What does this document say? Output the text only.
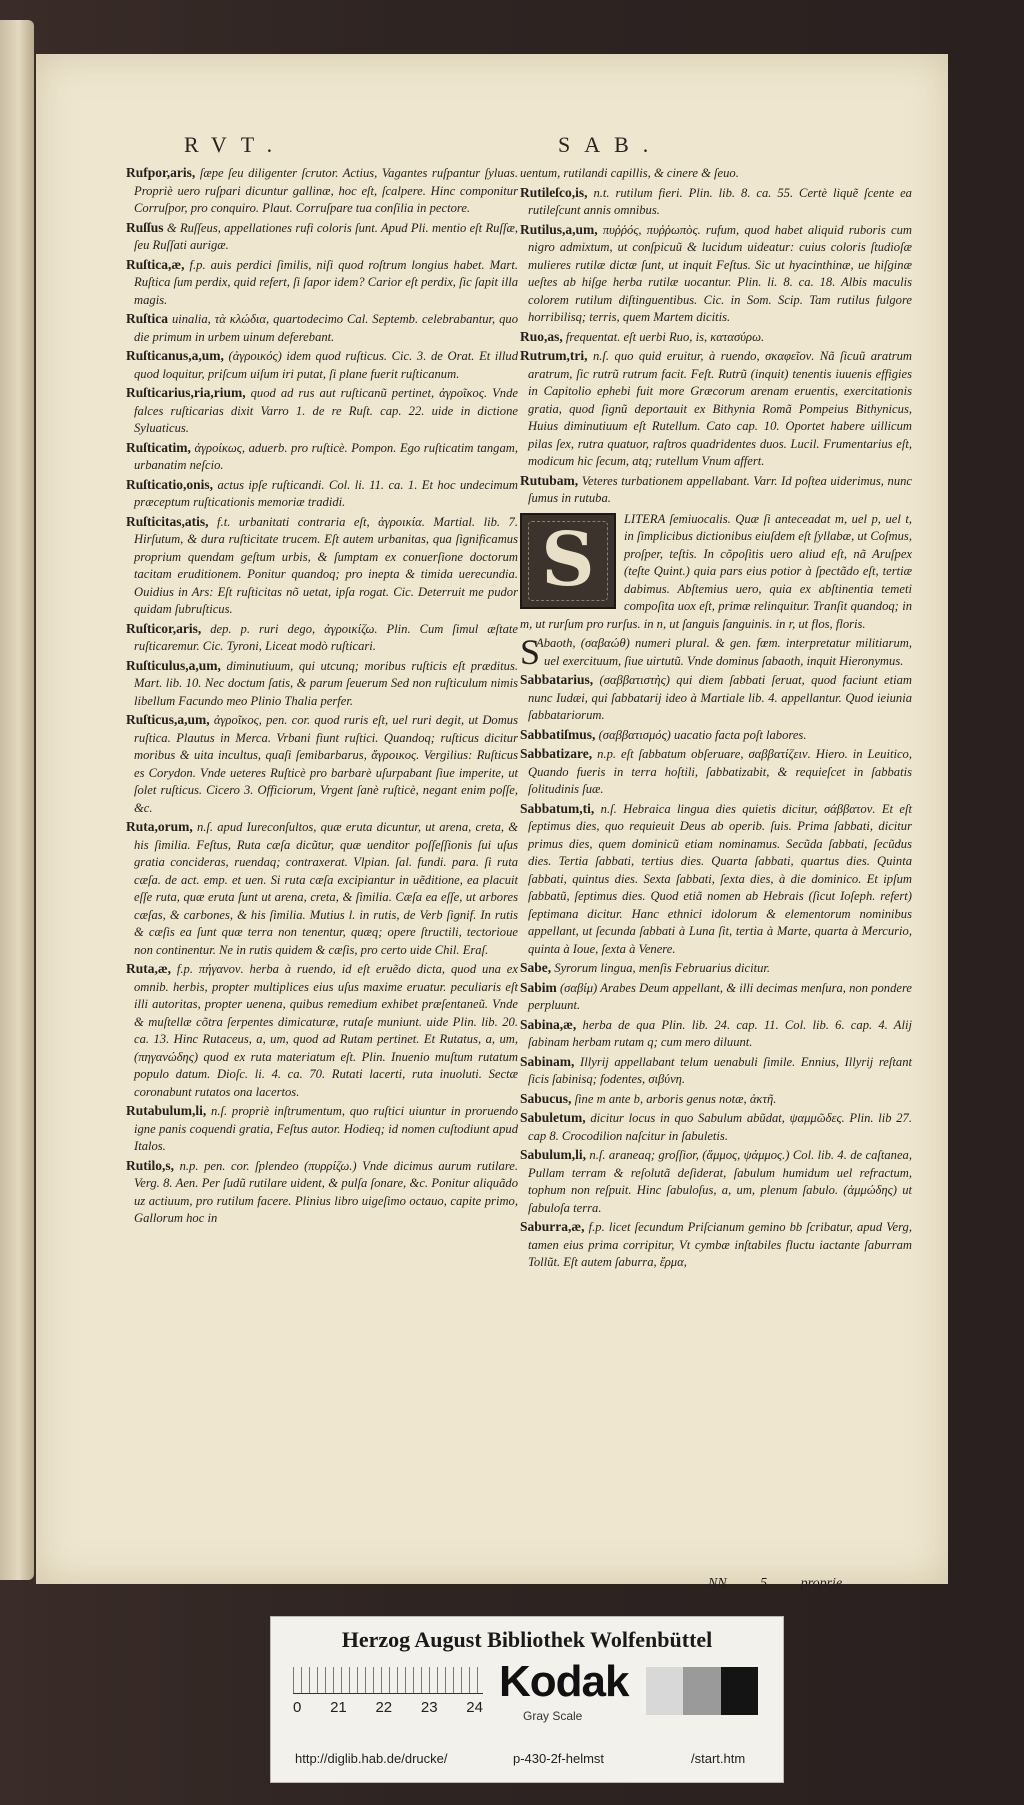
RVT.	SAB.
Rufpor,aris, ſæpe ſeu diligenter ſcrutor. Actius, Vagantes ruſpantur ſyluas. Propriè uero ruſpari dicuntur gallinæ, hoc eſt, ſcalpere. Hinc componitur Corruſpor, pro conquiro. Plaut. Corruſpare tua conſilia in pectore.
Ruſſus & Ruſſeus, appellationes rufi coloris ſunt. Apud Pli. mentio eſt Ruſſæ, ſeu Ruſſati aurigæ.
Ruſtica,æ, f.p. auis perdici ſimilis, niſi quod roſtrum longius habet. Mart. Ruſtica ſum perdix, quid refert, ſi ſapor idem? Carior eſt perdix, ſic ſapit illa magis.
Ruſtica uinalia, τὰ κλώδια, quartodecimo Cal. Septemb. celebrabantur, quo die primum in urbem uinum deferebant.
Ruſticanus,a,um, (ἀγροικός) idem quod ruſticus. Cic. 3. de Orat. Et illud quod loquitur, priſcum uiſum iri putat, ſi plane fuerit ruſticanum.
Ruſticarius,ria,rium, quod ad rus aut ruſticanũ pertinet, ἀγροῖκος. Vnde falces ruſticarias dixit Varro 1. de re Ruſt. cap. 22. uide in dictione Syluaticus.
Ruſticatim, ἀγροίκως, aduerb. pro ruſticè. Pompon. Ego ruſticatim tangam, urbanatim neſcio.
Ruſticatio,onis, actus ipſe ruſticandi. Col. li. 11. ca. 1. Et hoc undecimum præceptum ruſticationis memoriæ tradidi.
Ruſticitas,atis, f.t. urbanitati contraria eſt, ἀγροικία. Martial. lib. 7. Hirſutum, & dura ruſticitate trucem. Eſt autem urbanitas, qua ſignificamus proprium quendam geſtum urbis, & ſumptam ex conuerſione doctorum tacitam eruditionem. Ponitur quandoq; pro inepta & timida uerecundia. Ouidius in Ars: Eſt ruſticitas nõ uetat, ipſa rogat. Cic. Deterruit me pudor quidam ſubruſticus.
Ruſticor,aris, dep. p. ruri dego, ἀγροικίζω. Plin. Cum ſimul æſtate ruſticaremur. Cic. Tyroni, Liceat modò ruſticari.
Ruſticulus,a,um, diminutiuum, qui utcunq; moribus ruſticis eſt præditus. Mart. lib. 10. Nec doctum ſatis, & parum ſeuerum Sed non ruſticulum nimis libellum Facundo meo Plinio Thalia perfer.
Ruſticus,a,um, ἀγροῖκος, pen. cor. quod ruris eſt, uel ruri degit, ut Domus ruſtica. Plautus in Merca. Vrbani fiunt ruſtici. Quandoq; ruſticus dicitur moribus & uita incultus, quaſi ſemibarbarus, ἄγροικος. Vergilius: Ruſticus es Corydon. Vnde ueteres Ruſticè pro barbarè uſurpabant ſiue imperite, ut ſolet ruſticus. Cicero 3. Officiorum, Vrgent ſanè ruſticè, negant enim poſſe, &c.
Ruta,orum, n.ſ. apud Iureconſultos, quæ eruta dicuntur, ut arena, creta, & his ſimilia. Feſtus, Ruta cæſa dicũtur, quæ uenditor poſſeſſionis ſui uſus gratia concideras, ruendaq; contraxerat. Vlpian. ſal. fundi. para. ſi ruta cæſa. de act. emp. et uen. Si ruta cæſa excipiantur in uẽditione, ea placuit eſſe ruta, quæ eruta ſunt ut arena, creta, & ſimilia. Cæſa ea eſſe, ut arbores cæſas, & carbones, & his ſimilia. Mutius l. in rutis, de Verb ſignif. In rutis & cæſis ea ſunt quæ terra non tenentur, quæq; opere ſtructili, tectorioue non continentur. Ne in rutis quidem & cæſis, pro certo uide Chil. Eraſ.
Ruta,æ, f.p. πήγανον. herba à ruendo, id eſt eruẽdo dicta, quod una ex omnib. herbis, propter multiplices eius uſus maxime eruatur. peculiaris eſt illi autoritas, propter uenena, quibus remedium exhibet præſentaneũ. Vnde & muſtellæ cõtra ſerpentes dimicaturæ, rutaſe muniunt. uide Plin. lib. 20. ca. 13. Hinc Rutaceus, a, um, quod ad Rutam pertinet. Et Rutatus, a, um, (πηγανώδης) quod ex ruta materiatum eſt. Plin. Inuenio muſtum rutatum populo datum. Dioſc. li. 4. ca. 70. Rutati lacerti, ruta inuoluti. Sectæ coronabunt rutatos ona lacertos.
Rutabulum,li, n.ſ. propriè inſtrumentum, quo ruſtici uiuntur in proruendo igne panis coquendi gratia, Feſtus autor. Hodieq; id nomen cuſtodiunt apud Italos.
Rutilo,s, n.p. pen. cor. ſplendeo (πυρρίζω.) Vnde dicimus aurum rutilare. Verg. 8. Aen. Per ſudũ rutilare uident, & pulſa ſonare, &c. Ponitur aliquãdo uz actiuum, pro rutilum facere. Plinius libro uigeſimo octauo, capite primo, Gallorum hoc in
uentum, rutilandi capillis, & cinere & ſeuo.
Rutileſco,is, n.t. rutilum fieri. Plin. lib. 8. ca. 55. Certè liquẽ ſcente ea rutileſcunt annis omnibus.
Rutilus,a,um, πυῤῥός, πυῤῥωπὸς. rufum, quod habet aliquid ruboris cum nigro admixtum, ut conſpicuũ & lucidum uideatur: cuius coloris ſtudioſæ mulieres rutilæ dictæ ſunt, ut inquit Feſtus. Sic ut hyacinthinæ, ue hiſginæ ueſtes ab hiſge herba rutilæ uocantur. Plin. li. 8. ca. 18. Albis maculis colorem rutilum diſtinguentibus. Cic. in Som. Scip. Tam rutilus fulgore horribilisq; terris, quem Martem dicitis.
Ruo,as, frequentat. eſt uerbi Ruo, is, κατασύρω.
Rutrum,tri, n.ſ. quo quid eruitur, à ruendo, σκαφεῖον. Nã ſicuũ aratrum aratrum, ſic rutrũ rutrum facit. Feſt. Rutrũ (inquit) tenentis iuuenis effigies in Capitolio ephebi fuit more Græcorum arenam eruentis, exercitationis gratia, quod ſignũ deportauit ex Bithynia Romã Pompeius Bithynicus, Huius diminutiuum eſt Rutellum. Cato cap. 10. Oportet habere uillicum pilas ſex, rutra quatuor, raſtros quadridentes duos. Lucil. Frumentarius eſt, modicum hic ſecum, atq; rutellum Vnum affert.
Rutubam, Veteres turbationem appellabant. Varr. Id poſtea uiderimus, nunc ſumus in rutuba.
S LITERA ſemiuocalis. Quæ ſi anteceadat m, uel p, uel t, in ſimplicibus dictionibus eiuſdem eſt ſyllabæ, ut Coſmus, proſper, teſtis. In cõpoſitis uero aliud eſt, nã Aruſpex (teſte Quint.) quia pars eius potior à ſpectãdo eſt, tertiæ dabimus. Abſtemius uero, quia ex abſtinentia temeti compoſita uox eſt, primæ relinquitur. Tranſit quandoq; in m, ut rurſum pro rurſus. in n, ut ſanguis ſanguinis. in r, ut flos, floris.
S
Abaoth, (σαβαώθ) numeri plural. & gen. fœm. interpretatur militiarum, uel exercituum, ſiue uirtutũ. Vnde dominus ſabaoth, inquit Hieronymus.
Sabbatarius, (σαββατιστὴς) qui diem ſabbati ſeruat, quod faciunt etiam nunc Iudæi, qui ſabbatarij ideo à Martiale lib. 4. appellantur. Quod ieiunia ſabbatariorum.
Sabbatiſmus, (σαββατισμός) uacatio facta poſt labores.
Sabbatizare, n.p. eſt ſabbatum obſeruare, σαββατίζειν. Hiero. in Leuitico, Quando fueris in terra hoſtili, ſabbatizabit, & requieſcet in ſabbatis ſolitudinis ſuæ.
Sabbatum,ti, n.ſ. Hebraica lingua dies quietis dicitur, σάββατον. Et eſt ſeptimus dies, quo requieuit Deus ab operib. ſuis. Prima ſabbati, dicitur primus dies, quem dominicũ etiam nominamus. Secũda ſabbati, ſecũdus dies. Tertia ſabbati, tertius dies. Quarta ſabbati, quartus dies. Quinta ſabbati, quintus dies. Sexta ſabbati, ſexta dies, à die dominico. Et ipſum ſabbatũ, ſeptimus dies. Quod etiã nomen ab Hebrais (ſicut Ioſeph. refert) ſeptimana dicitur. Hanc ethnici idolorum & elementorum nominibus appellant, ut ſecunda ſabbati à Luna ſit, tertia à Marte, quarta à Mercurio, quinta à Ioue, ſexta à Venere.
Sabe, Syrorum lingua, menſis Februarius dicitur.
Sabim (σαβίμ) Arabes Deum appellant, & illi decimas menſura, non pondere perpluunt.
Sabina,æ, herba de qua Plin. lib. 24. cap. 11. Col. lib. 6. cap. 4. Alij ſabinam herbam rutam q; cum mero diluunt.
Sabinam, Illyrij appellabant telum uenabuli ſimile. Ennius, Illyrij reſtant ſicis ſabinisq; fodentes, σιβύνη.
Sabucus, ſine m ante b, arboris genus notæ, ἀκτῆ.
Sabuletum, dicitur locus in quo Sabulum abũdat, ψαμμῶδες. Plin. lib 27. cap 8. Crocodilion naſcitur in ſabuletis.
Sabulum,li, n.ſ. araneaq; groſſior, (ἄμμος, ψάμμος.) Col. lib. 4. de caſtanea, Pullam terram & reſolutã deſiderat, ſabulum humidum uel refractum, tophum non reſpuit. Hinc ſabuloſus, a, um, plenum ſabulo. (ἀμμώδης) ut ſabuloſa terra.
Saburra,æ, f.p. licet ſecundum Priſcianum gemino bb ſcribatur, apud Verg, tamen eius prima corripitur, Vt cymbæ inſtabiles fluctu iactante ſaburram Tollũt. Eſt autem ſaburra, ἔρμα,
NN 5 proprie
Herzog August Bibliothek Wolfenbüttel
0 21 22 23 24
Kodak
Gray Scale
http://diglib.hab.de/drucke/	p-430-2f-helmst	/start.htm
